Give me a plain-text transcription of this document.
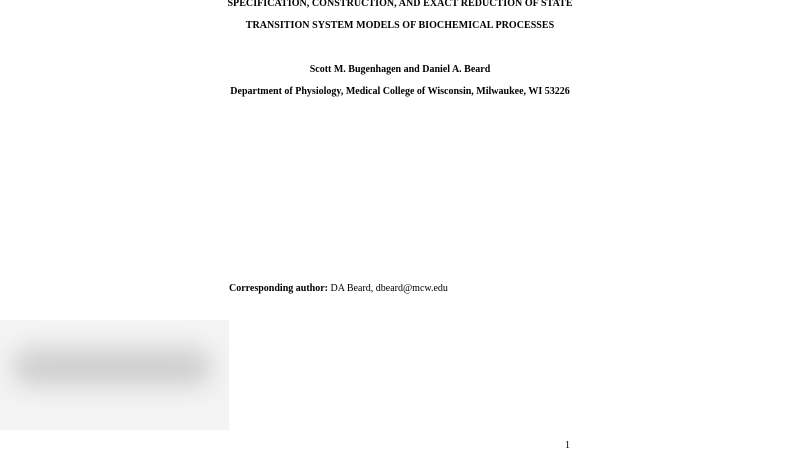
SPECIFICATION, CONSTRUCTION, AND EXACT REDUCTION OF STATE
TRANSITION SYSTEM MODELS OF BIOCHEMICAL PROCESSES
Scott M. Bugenhagen and Daniel A. Beard
Department of Physiology, Medical College of Wisconsin, Milwaukee, WI 53226
Corresponding author: DA Beard, dbeard@mcw.edu
1
